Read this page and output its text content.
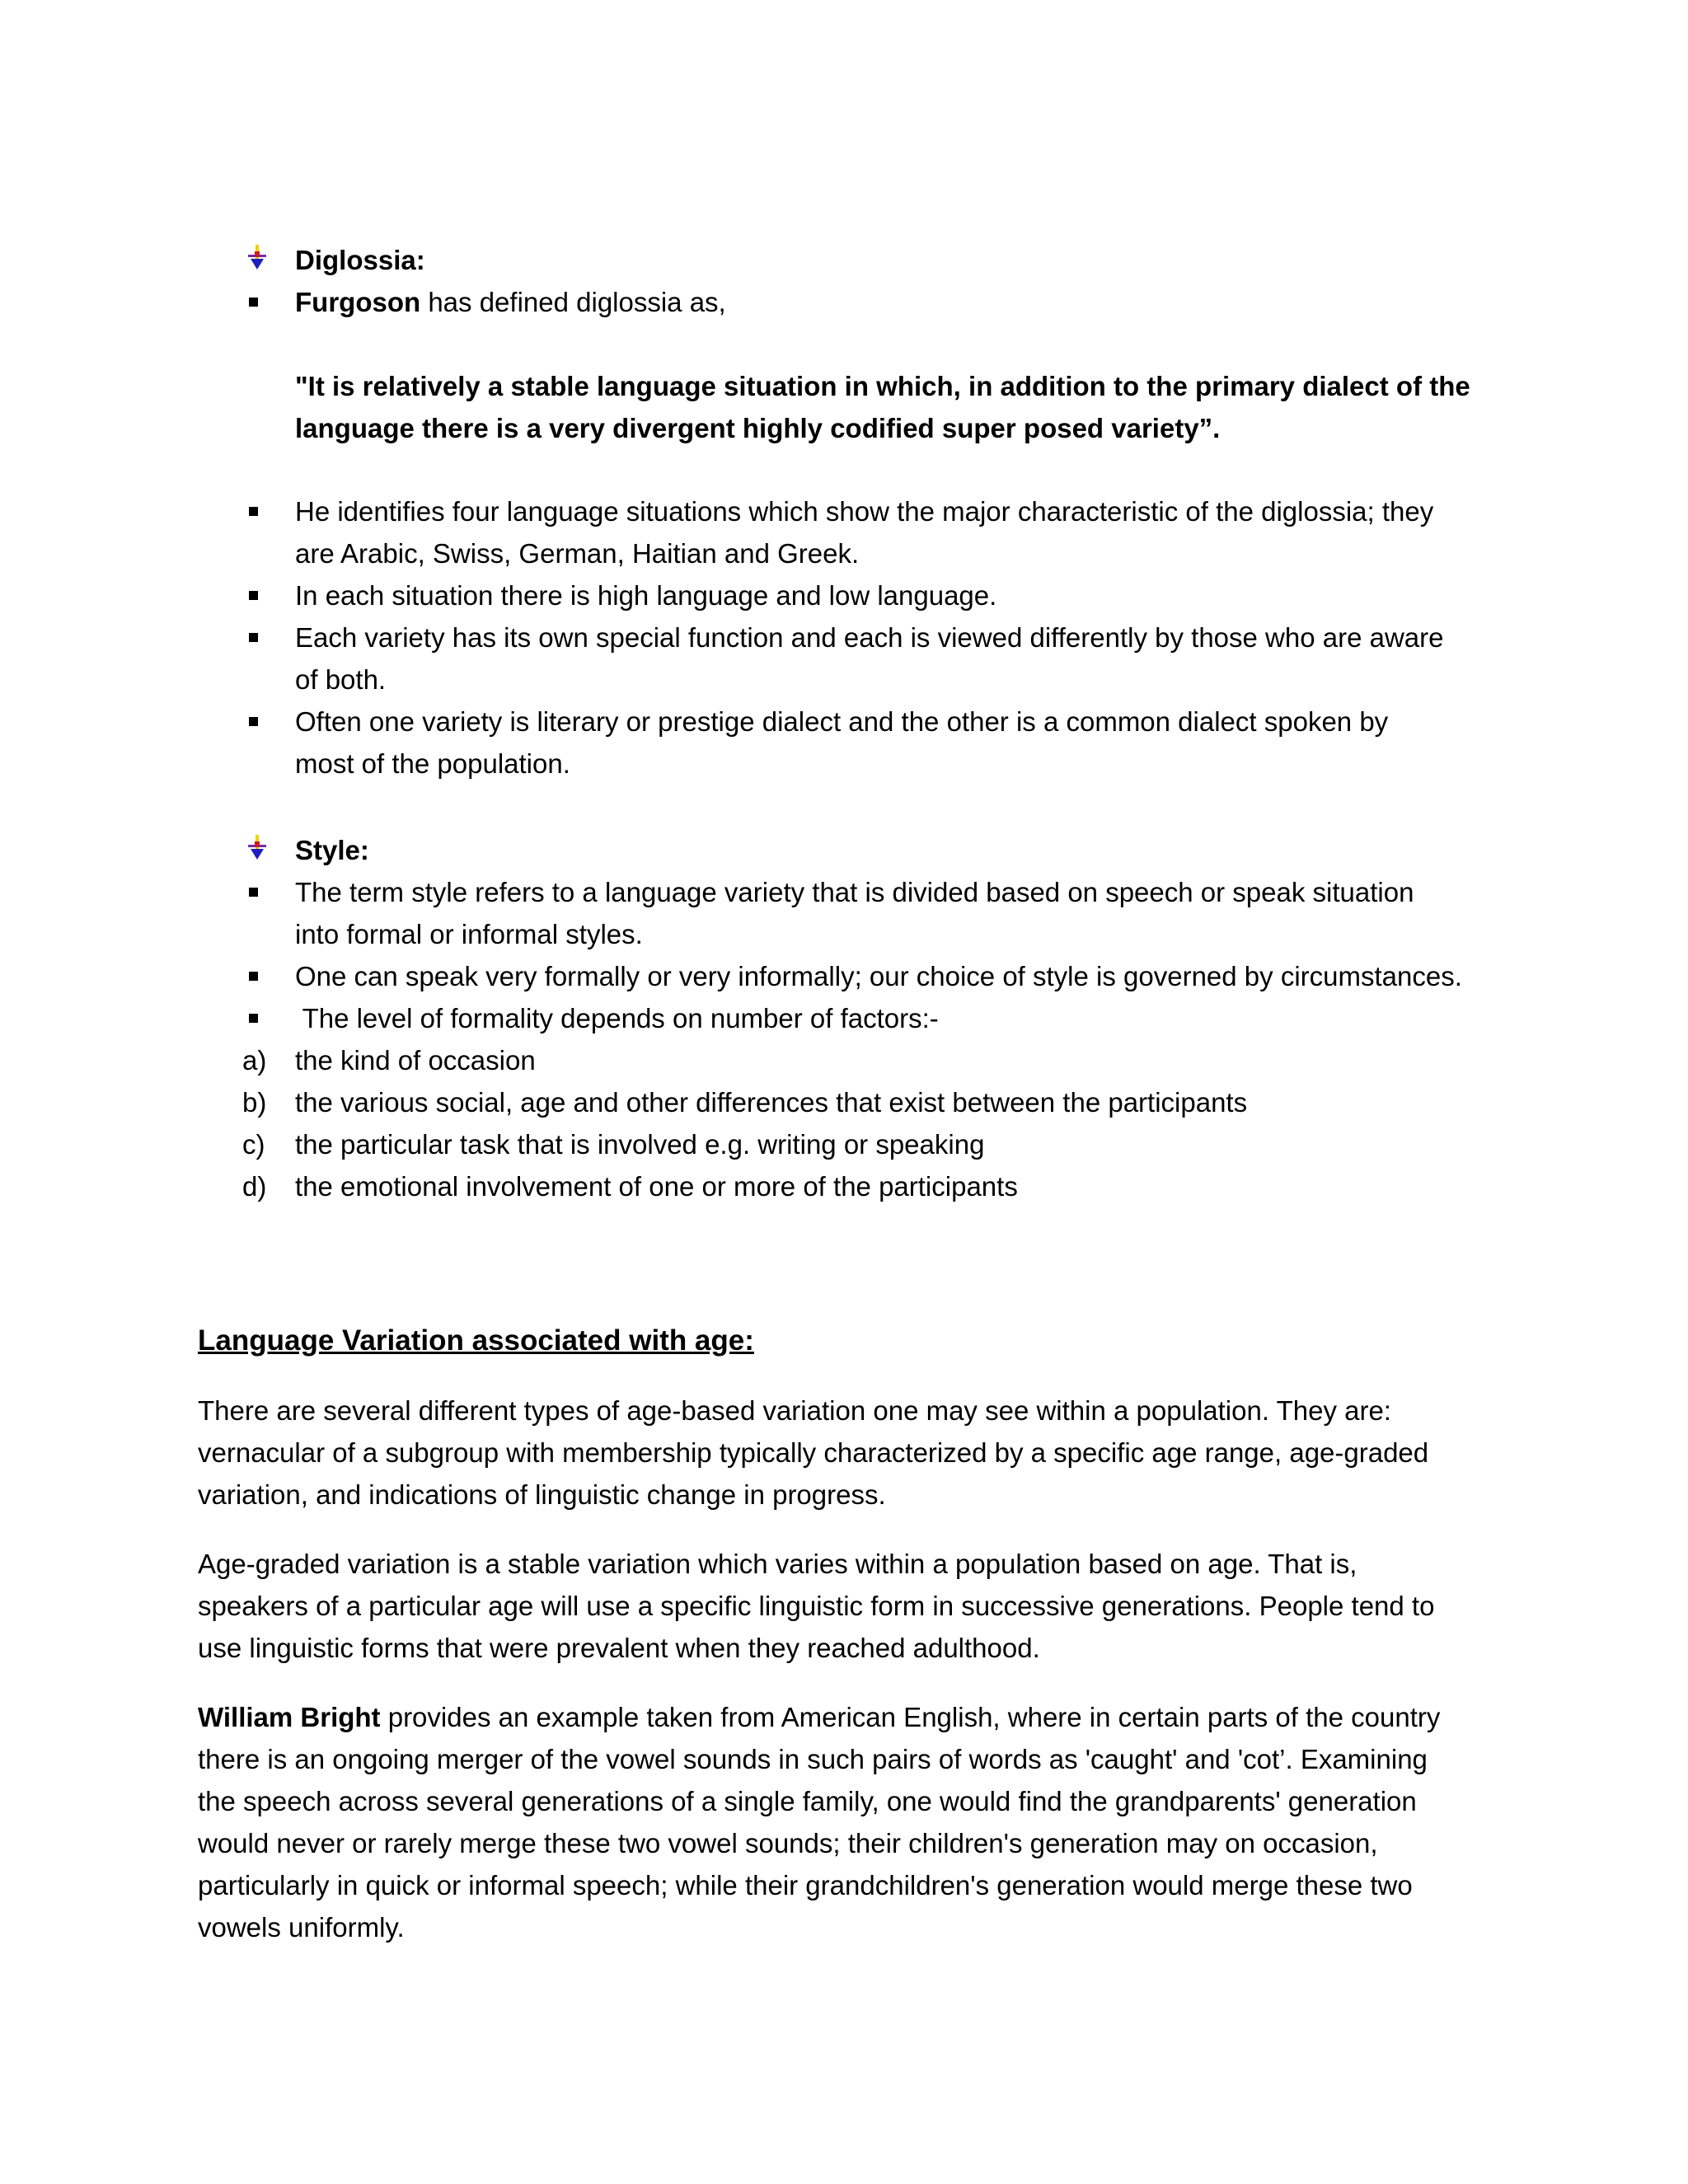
Diglossia:
Furgoson has defined diglossia as,
"It is relatively a stable language situation in which, in addition to the primary dialect of the
language there is a very divergent highly codified super posed variety”.
He identifies four language situations which show the major characteristic of the diglossia; they
are Arabic, Swiss, German, Haitian and Greek.
In each situation there is high language and low language.
Each variety has its own special function and each is viewed differently by those who are aware
of both.
Often one variety is literary or prestige dialect and the other is a common dialect spoken by
most of the population.
Style:
The term style refers to a language variety that is divided based on speech or speak situation
into formal or informal styles.
One can speak very formally or very informally; our choice of style is governed by circumstances.
The level of formality depends on number of factors:-
a) the kind of occasion
b) the various social, age and other differences that exist between the participants
c) the particular task that is involved e.g. writing or speaking
d) the emotional involvement of one or more of the participants
Language Variation associated with age:
There are several different types of age-based variation one may see within a population. They are:
vernacular of a subgroup with membership typically characterized by a specific age range, age-graded
variation, and indications of linguistic change in progress.
Age-graded variation is a stable variation which varies within a population based on age. That is,
speakers of a particular age will use a specific linguistic form in successive generations. People tend to
use linguistic forms that were prevalent when they reached adulthood.
William Bright provides an example taken from American English, where in certain parts of the country
there is an ongoing merger of the vowel sounds in such pairs of words as 'caught' and 'cot’. Examining
the speech across several generations of a single family, one would find the grandparents' generation
would never or rarely merge these two vowel sounds; their children's generation may on occasion,
particularly in quick or informal speech; while their grandchildren's generation would merge these two
vowels uniformly.
